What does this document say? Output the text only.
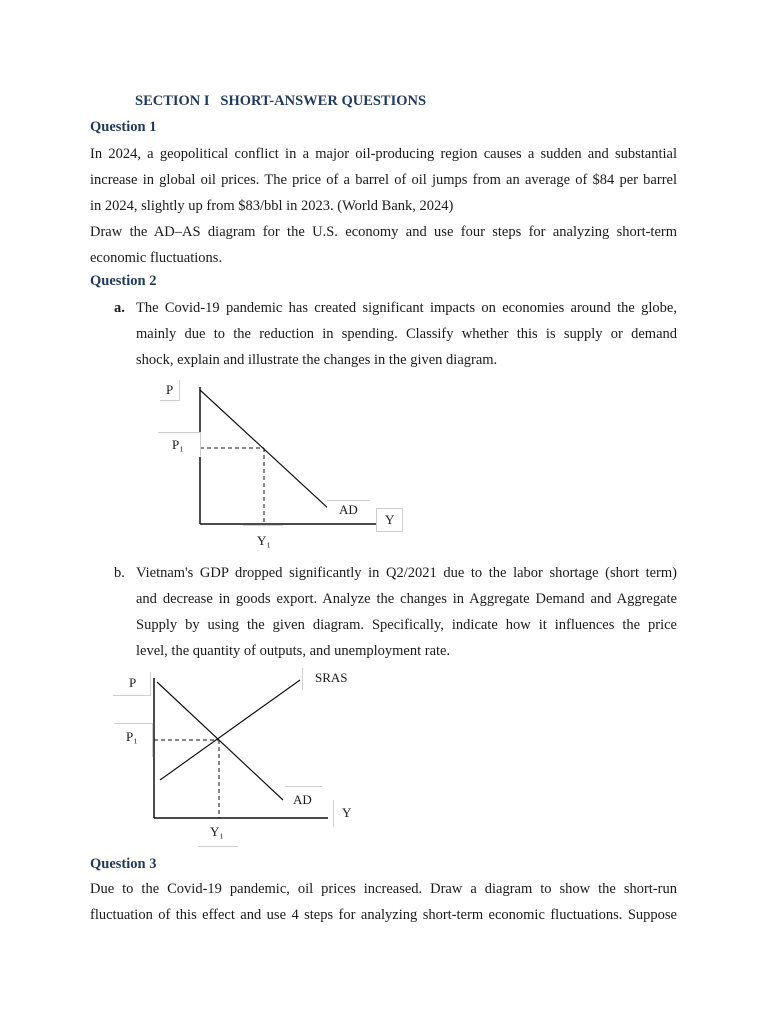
SECTION I   SHORT-ANSWER QUESTIONS
Question 1
In 2024, a geopolitical conflict in a major oil-producing region causes a sudden and substantial
increase in global oil prices. The price of a barrel of oil jumps from an average of $84 per barrel
in 2024, slightly up from $83/bbl in 2023. (World Bank, 2024)
Draw the AD–AS diagram for the U.S. economy and use four steps for analyzing short-term
economic fluctuations.
Question 2
a. The Covid-19 pandemic has created significant impacts on economies around the globe,
mainly due to the reduction in spending. Classify whether this is supply or demand
shock, explain and illustrate the changes in the given diagram.
P
P₁
AD
Y
Y₁
b. Vietnam's GDP dropped significantly in Q2/2021 due to the labor shortage (short term)
and decrease in goods export. Analyze the changes in Aggregate Demand and Aggregate
Supply by using the given diagram. Specifically, indicate how it influences the price
level, the quantity of outputs, and unemployment rate.
P
P₁
SRAS
AD
Y
Y₁
Question 3
Due to the Covid-19 pandemic, oil prices increased. Draw a diagram to show the short-run
fluctuation of this effect and use 4 steps for analyzing short-term economic fluctuations. Suppose
